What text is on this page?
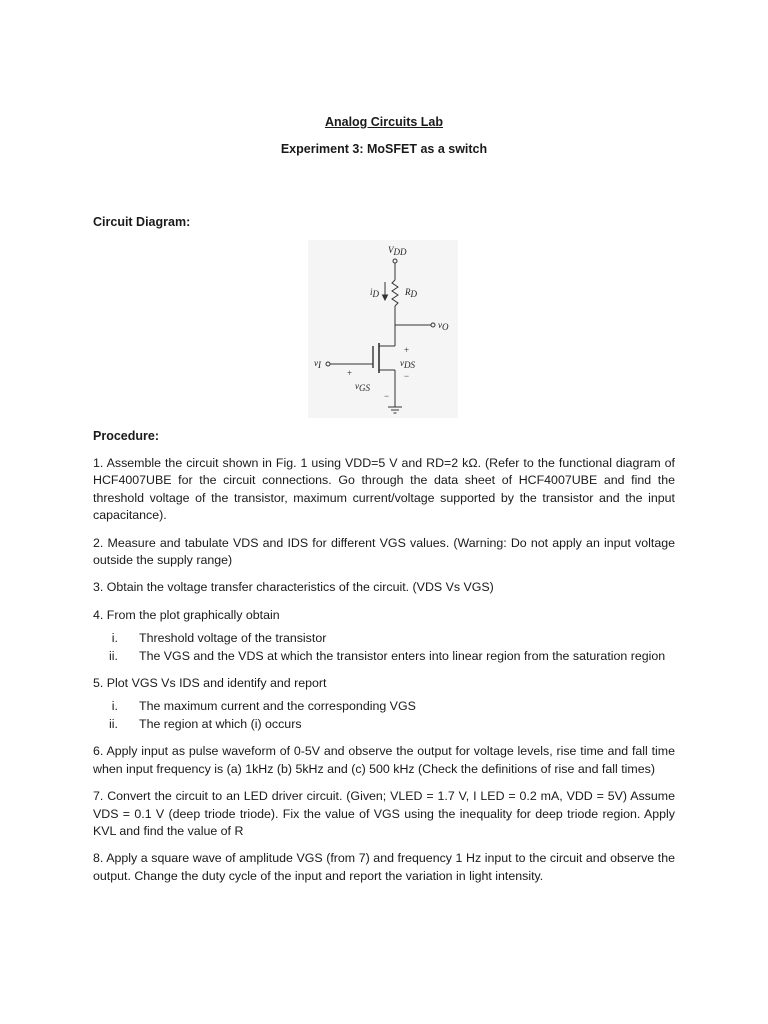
Analog Circuits Lab
Experiment 3: MoSFET as a switch
Circuit Diagram:
VDD
iD	RD
vO
vI
+
vDS
−
+
vGS
−
Procedure:

1. Assemble the circuit shown in Fig. 1 using VDD=5 V and RD=2 kΩ. (Refer to the functional diagram of HCF4007UBE for the circuit connections. Go through the data sheet of HCF4007UBE and find the threshold voltage of the transistor, maximum current/voltage supported by the transistor and the input capacitance).

2. Measure and tabulate VDS and IDS for different VGS values. (Warning: Do not apply an input voltage outside the supply range)

3. Obtain the voltage transfer characteristics of the circuit. (VDS Vs VGS)

4. From the plot graphically obtain

i.	Threshold voltage of the transistor
ii.	The VGS and the VDS at which the transistor enters into linear region from the saturation region

5. Plot VGS Vs IDS and identify and report

i.	The maximum current and the corresponding VGS
ii.	The region at which (i) occurs

6. Apply input as pulse waveform of 0-5V and observe the output for voltage levels, rise time and fall time when input frequency is (a) 1kHz (b) 5kHz and (c) 500 kHz (Check the definitions of rise and fall times)

7. Convert the circuit to an LED driver circuit. (Given; VLED = 1.7 V, I LED = 0.2 mA, VDD = 5V) Assume VDS = 0.1 V (deep triode triode). Fix the value of VGS using the inequality for deep triode region. Apply KVL and find the value of R

8. Apply a square wave of amplitude VGS (from 7) and frequency 1 Hz input to the circuit and observe the output. Change the duty cycle of the input and report the variation in light intensity.
